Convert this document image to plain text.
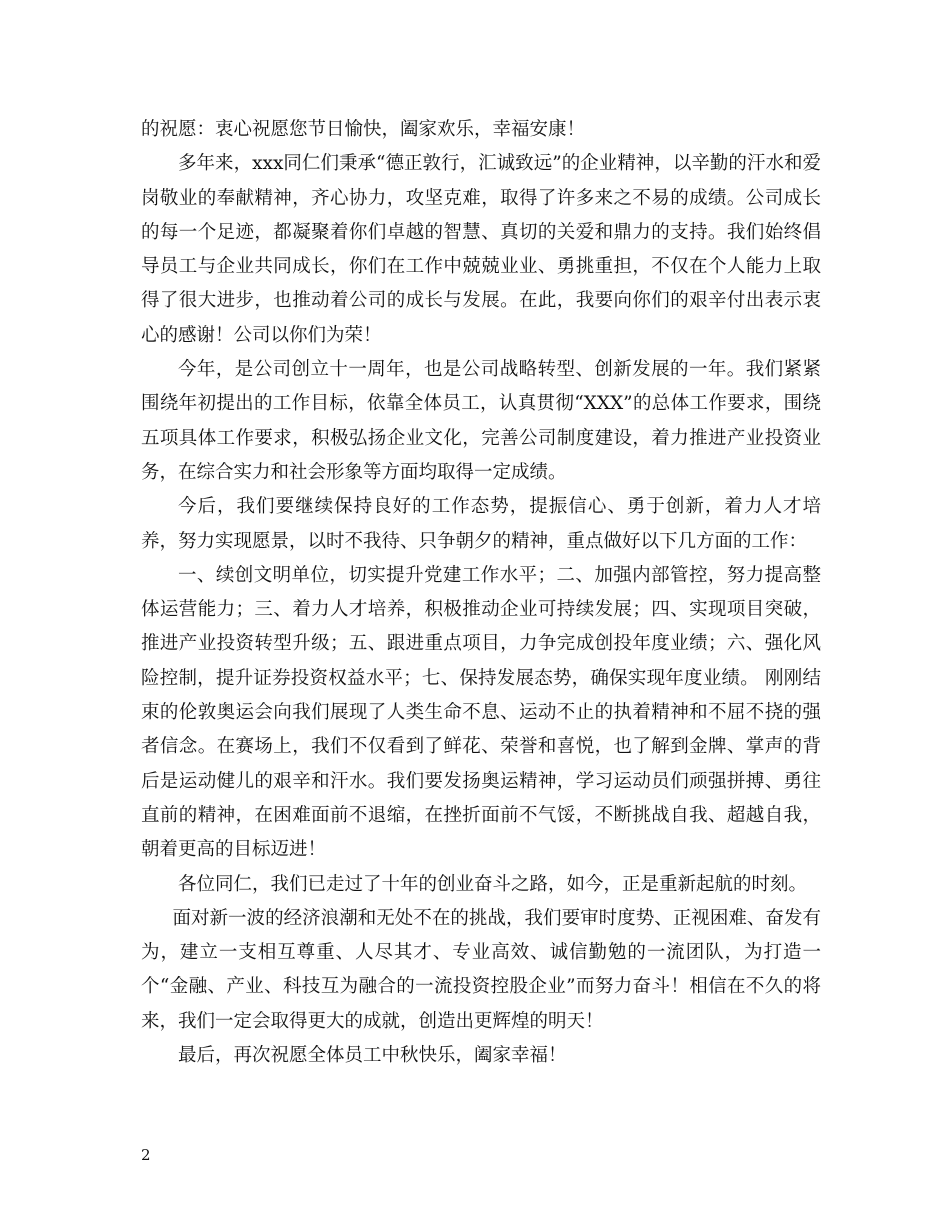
的祝愿：衷心祝愿您节日愉快，阖家欢乐，幸福安康！

多年来，xxx同仁们秉承“德正敦行，汇诚致远”的企业精神，以辛勤的汗水和爱岗敬业的奉献精神，齐心协力，攻坚克难，取得了许多来之不易的成绩。公司成长的每一个足迹，都凝聚着你们卓越的智慧、真切的关爱和鼎力的支持。我们始终倡导员工与企业共同成长，你们在工作中兢兢业业、勇挑重担，不仅在个人能力上取得了很大进步，也推动着公司的成长与发展。在此，我要向你们的艰辛付出表示衷心的感谢！公司以你们为荣！

今年，是公司创立十一周年，也是公司战略转型、创新发展的一年。我们紧紧围绕年初提出的工作目标，依靠全体员工，认真贯彻“XXX”的总体工作要求，围绕五项具体工作要求，积极弘扬企业文化，完善公司制度建设，着力推进产业投资业务，在综合实力和社会形象等方面均取得一定成绩。

今后，我们要继续保持良好的工作态势，提振信心、勇于创新，着力人才培养，努力实现愿景，以时不我待、只争朝夕的精神，重点做好以下几方面的工作：

一、续创文明单位，切实提升党建工作水平；二、加强内部管控，努力提高整体运营能力；三、着力人才培养，积极推动企业可持续发展；四、实现项目突破，推进产业投资转型升级；五、跟进重点项目，力争完成创投年度业绩；六、强化风险控制，提升证券投资权益水平；七、保持发展态势，确保实现年度业绩。 刚刚结束的伦敦奥运会向我们展现了人类生命不息、运动不止的执着精神和不屈不挠的强者信念。在赛场上，我们不仅看到了鲜花、荣誉和喜悦，也了解到金牌、掌声的背后是运动健儿的艰辛和汗水。我们要发扬奥运精神，学习运动员们顽强拼搏、勇往直前的精神，在困难面前不退缩，在挫折面前不气馁，不断挑战自我、超越自我，朝着更高的目标迈进！

各位同仁，我们已走过了十年的创业奋斗之路，如今，正是重新起航的时刻。

面对新一波的经济浪潮和无处不在的挑战，我们要审时度势、正视困难、奋发有为，建立一支相互尊重、人尽其才、专业高效、诚信勤勉的一流团队，为打造一个“金融、产业、科技互为融合的一流投资控股企业”而努力奋斗！相信在不久的将来，我们一定会取得更大的成就，创造出更辉煌的明天！

最后，再次祝愿全体员工中秋快乐，阖家幸福！

2
